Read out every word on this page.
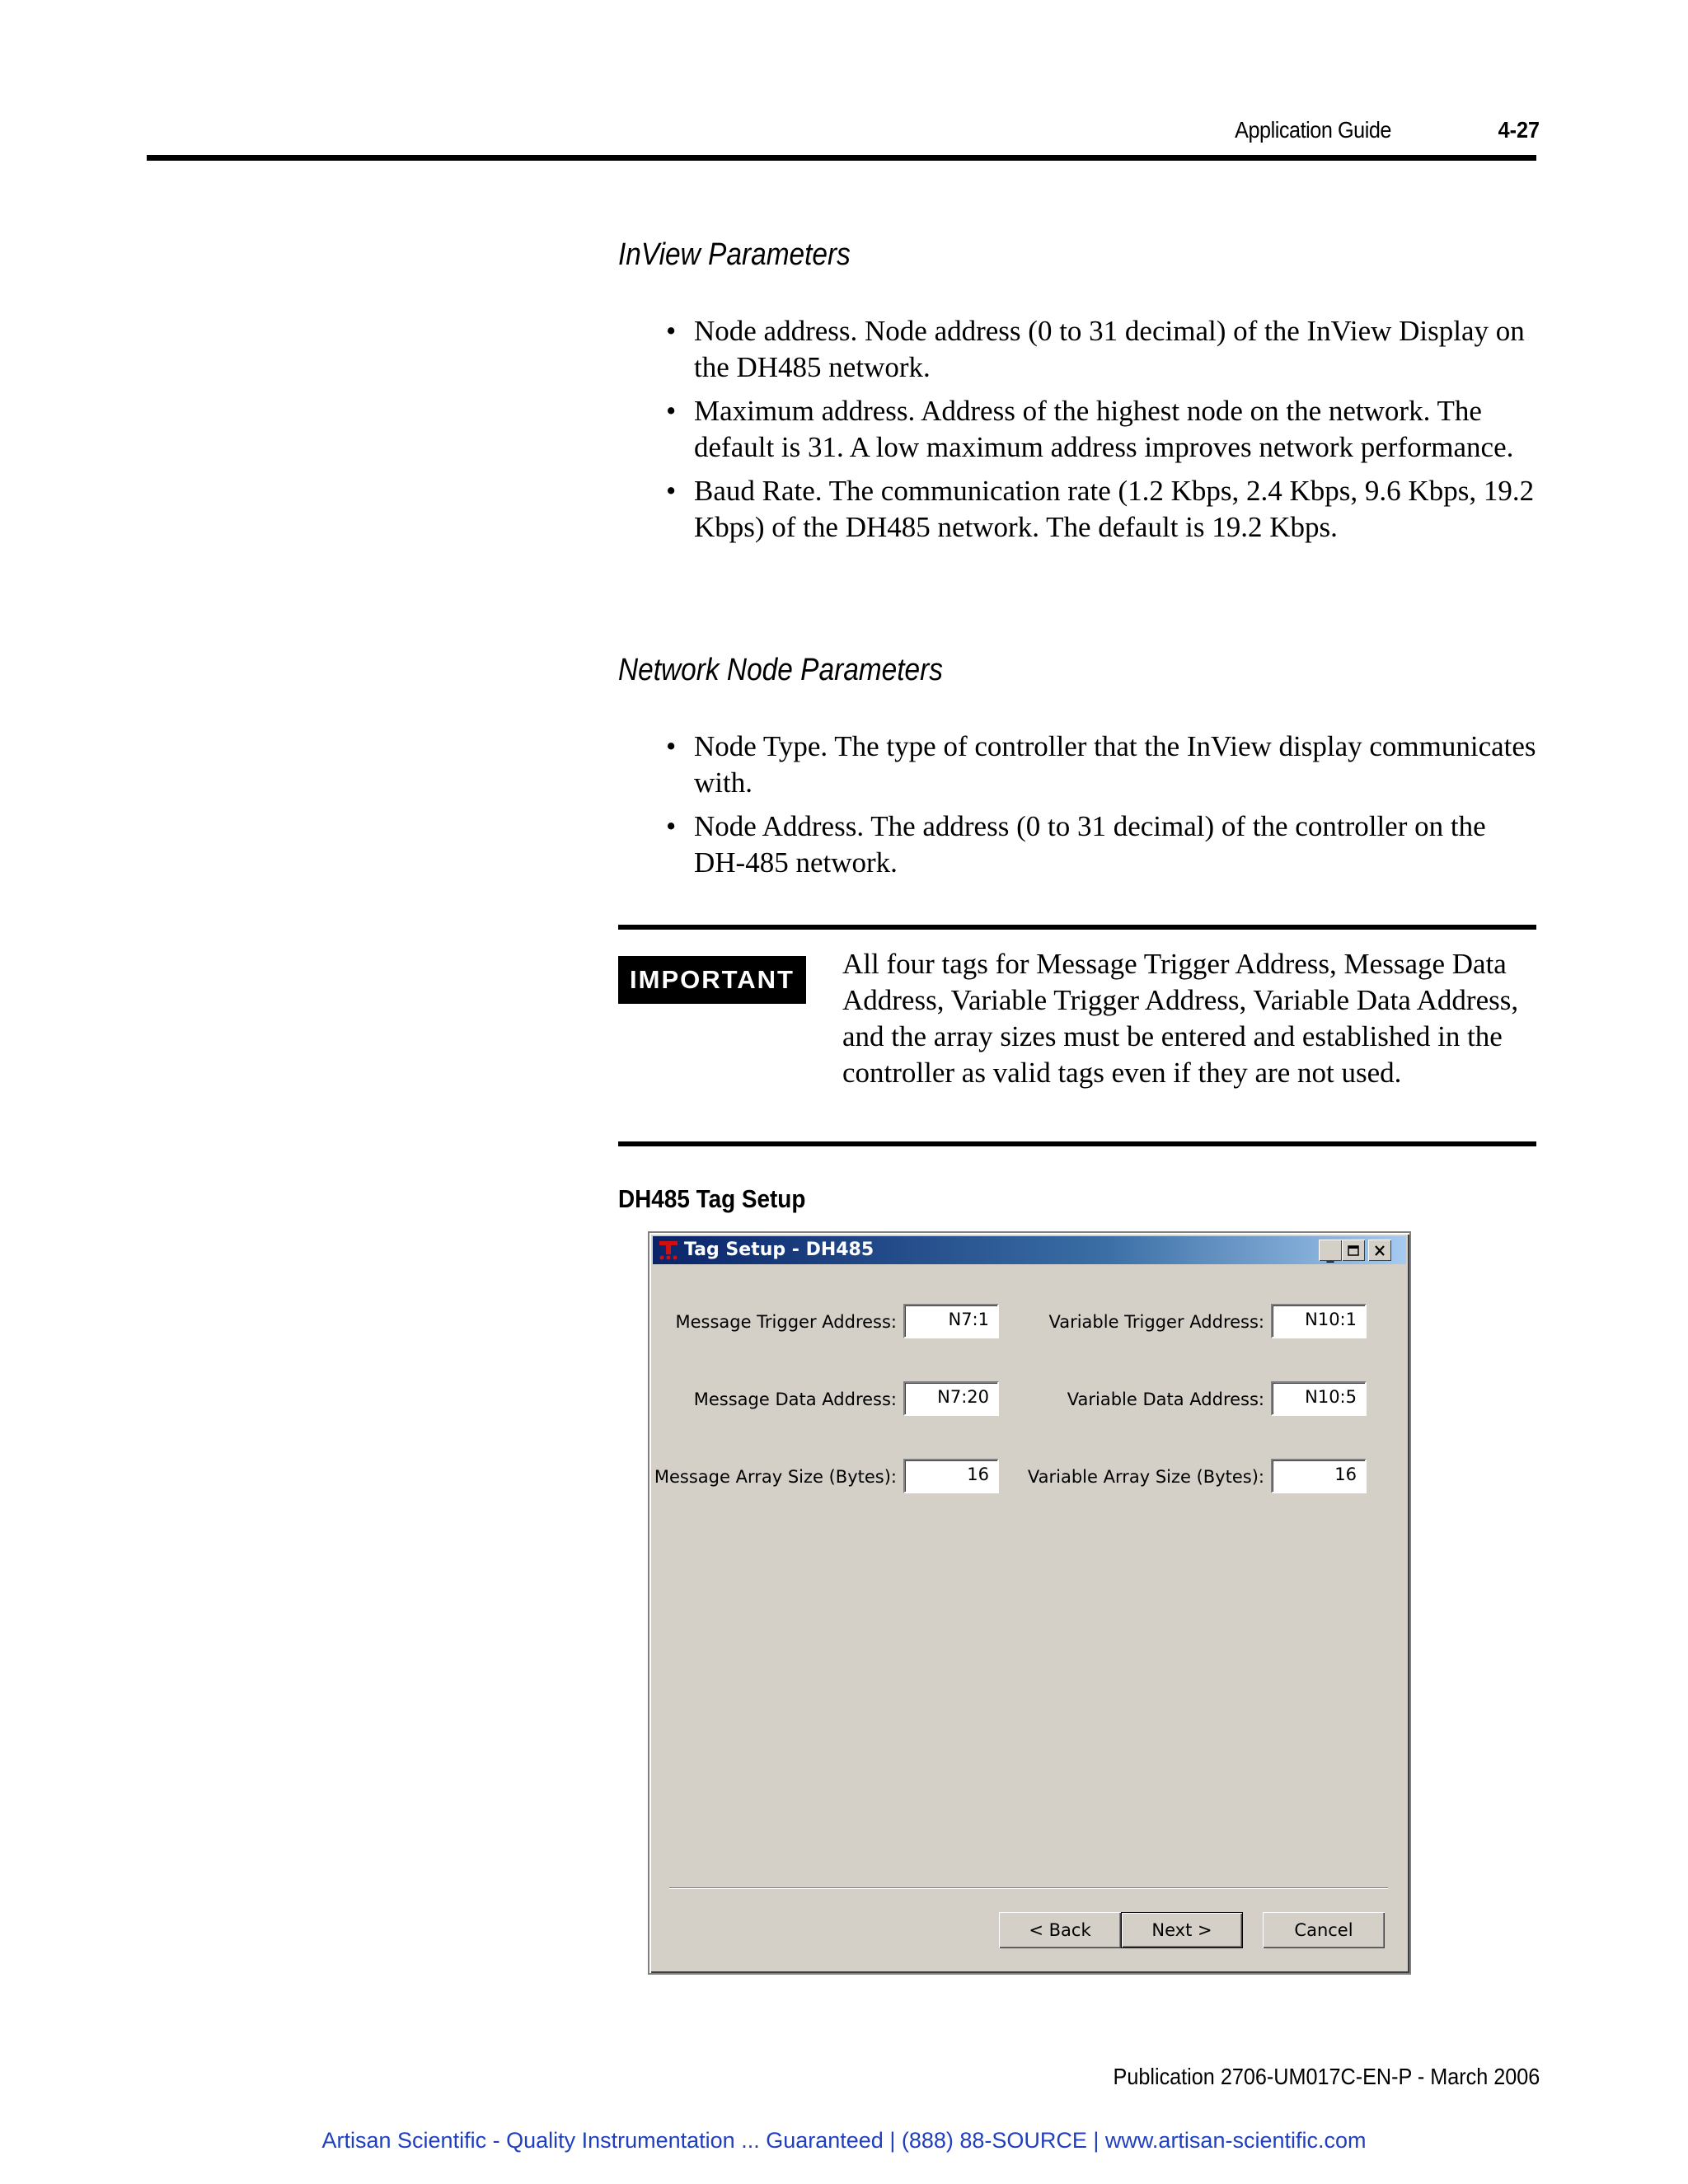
Application Guide	4-27
InView Parameters
• Node address. Node address (0 to 31 decimal) of the InView Display on the DH485 network.
• Maximum address. Address of the highest node on the network. The default is 31. A low maximum address improves network performance.
• Baud Rate. The communication rate (1.2 Kbps, 2.4 Kbps, 9.6 Kbps, 19.2 Kbps) of the DH485 network. The default is 19.2 Kbps.
Network Node Parameters
• Node Type. The type of controller that the InView display communicates with.
• Node Address. The address (0 to 31 decimal) of the controller on the DH-485 network.
IMPORTANT	All four tags for Message Trigger Address, Message Data Address, Variable Trigger Address, Variable Data Address, and the array sizes must be entered and established in the controller as valid tags even if they are not used.
DH485 Tag Setup
Tag Setup - DH485	_
Message Trigger Address:	N7:1
Message Data Address:	N7:20
Message Array Size (Bytes):	16
Variable Trigger Address:	N10:1
Variable Data Address:	N10:5
Variable Array Size (Bytes):	16
< Back	Next >	Cancel
Publication 2706-UM017C-EN-P - March 2006
Artisan Scientific - Quality Instrumentation ... Guaranteed | (888) 88-SOURCE | www.artisan-scientific.com
